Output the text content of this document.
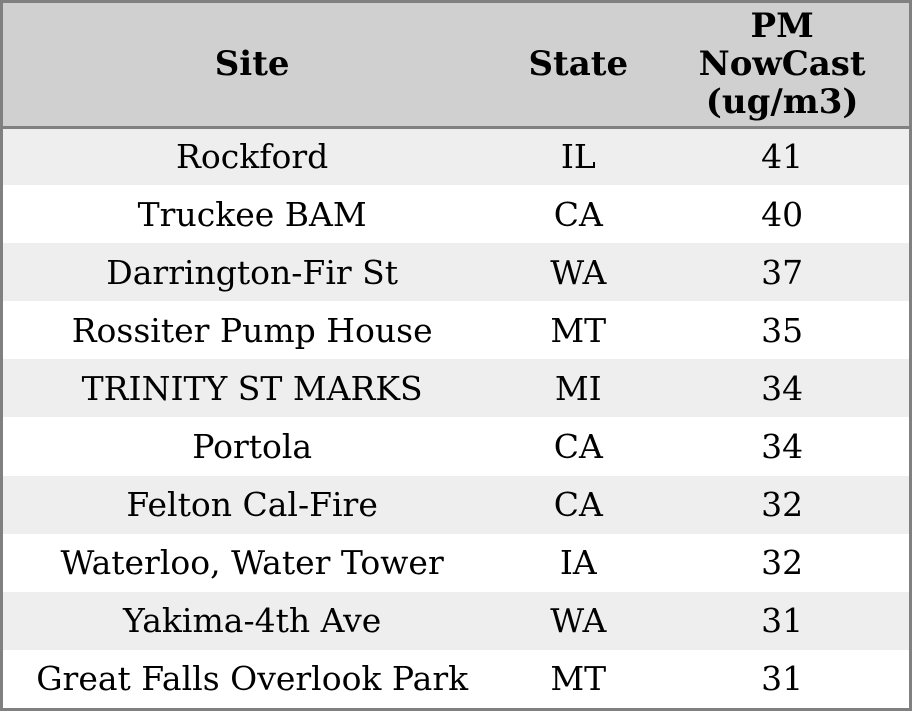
Site	State	PM NowCast (ug/m3)
Rockford	IL	41
Truckee BAM	CA	40
Darrington-Fir St	WA	37
Rossiter Pump House	MT	35
TRINITY ST MARKS	MI	34
Portola	CA	34
Felton Cal-Fire	CA	32
Waterloo, Water Tower	IA	32
Yakima-4th Ave	WA	31
Great Falls Overlook Park	MT	31
